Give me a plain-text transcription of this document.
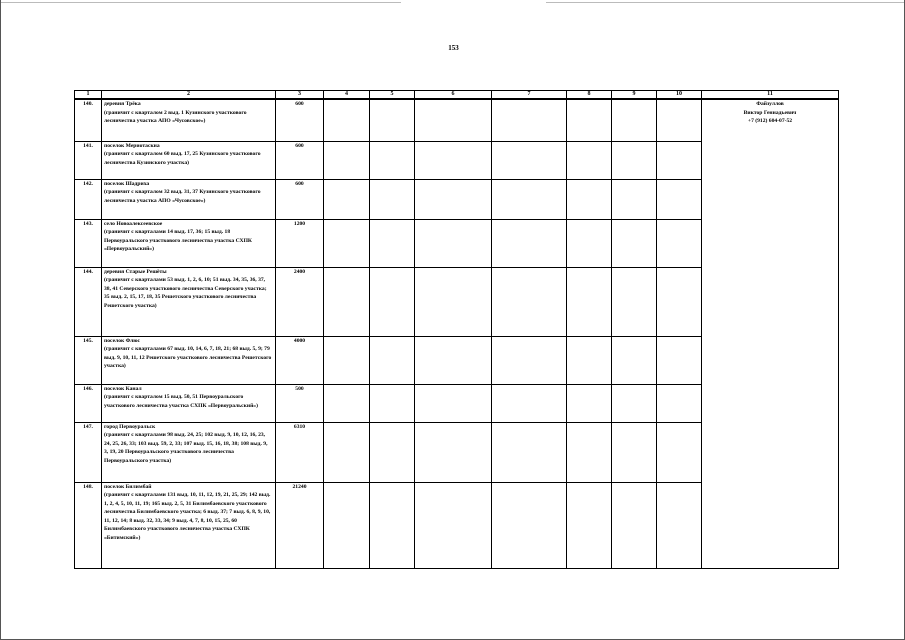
153
1	2	3	4	5	6	7	8	9	10	11
140.	деревня Трёка
(граничит с кварталом 2 выд. 1 Кузинского участкового лесничества участка АПО «Чусовское»)	600								Файзуллов
Виктор Геннадьевич
+7 (912) 604-07-52
141.	поселок Мериотаскна
(граничит с кварталом 60 выд. 17, 25 Кузинского участкового лесничества Кузинского участка)	600								
142.	поселок Шадриха
(граничит с кварталом 32 выд. 31, 37 Кузинского участкового лесничества участка АПО «Чусовское»)	600								
143.	село Новоалексеевское
(граничит с кварталами 14 выд. 17, 36; 15 выд. 18 Первоуральского участкового лесничества участка СХПК «Первоуральский»)	1200								
144.	деревня Старые Решёты
(граничит с кварталами 53 выд. 1, 2, 6, 10; 51 выд. 34, 35, 36, 37, 38, 41 Северского участкового лесничества Северского участка; 35 выд. 2, 15, 17, 18, 35 Решетского участкового лесничества Решетского участка)	2400								
145.	поселок Флюс
(граничит с кварталами 67 выд. 10, 14, 6, 7, 18, 21; 68 выд. 5, 9; 79 выд. 9, 10, 11, 12 Решетского участкового лесничества Решетского участка)	4000								
146.	поселок Канал
(граничит с кварталом 15 выд. 50, 51 Первоуральского участкового лесничества участка СХПК «Первоуральский»)	500								
147.	город Первоуральск
(граничит с кварталами 98 выд. 24, 25; 102 выд. 9, 10, 12, 16, 23, 24, 25, 26, 33; 103 выд. 59, 2, 33; 107 выд. 15, 16, 18, 38; 108 выд. 9, 3, 19, 20 Первоуральского участкового лесничества Первоуральского участка)	6310								
148.	поселок Билимбай
(граничит с кварталами 131 выд. 10, 11, 12, 19, 21, 25, 29; 142 выд. 1, 2, 4, 5, 10, 11, 19; 165 выд. 2, 5, 31 Билимбаевского участкового лесничества Билимбаевского участка; 6 выд. 37; 7 выд. 6, 8, 9, 10, 11, 12, 14; 8 выд. 32, 33, 34; 9 выд. 4, 7, 8, 10, 15, 25, 60 Билимбаевского участкового лесничества участка СХПК «Битимский»)	21240								
